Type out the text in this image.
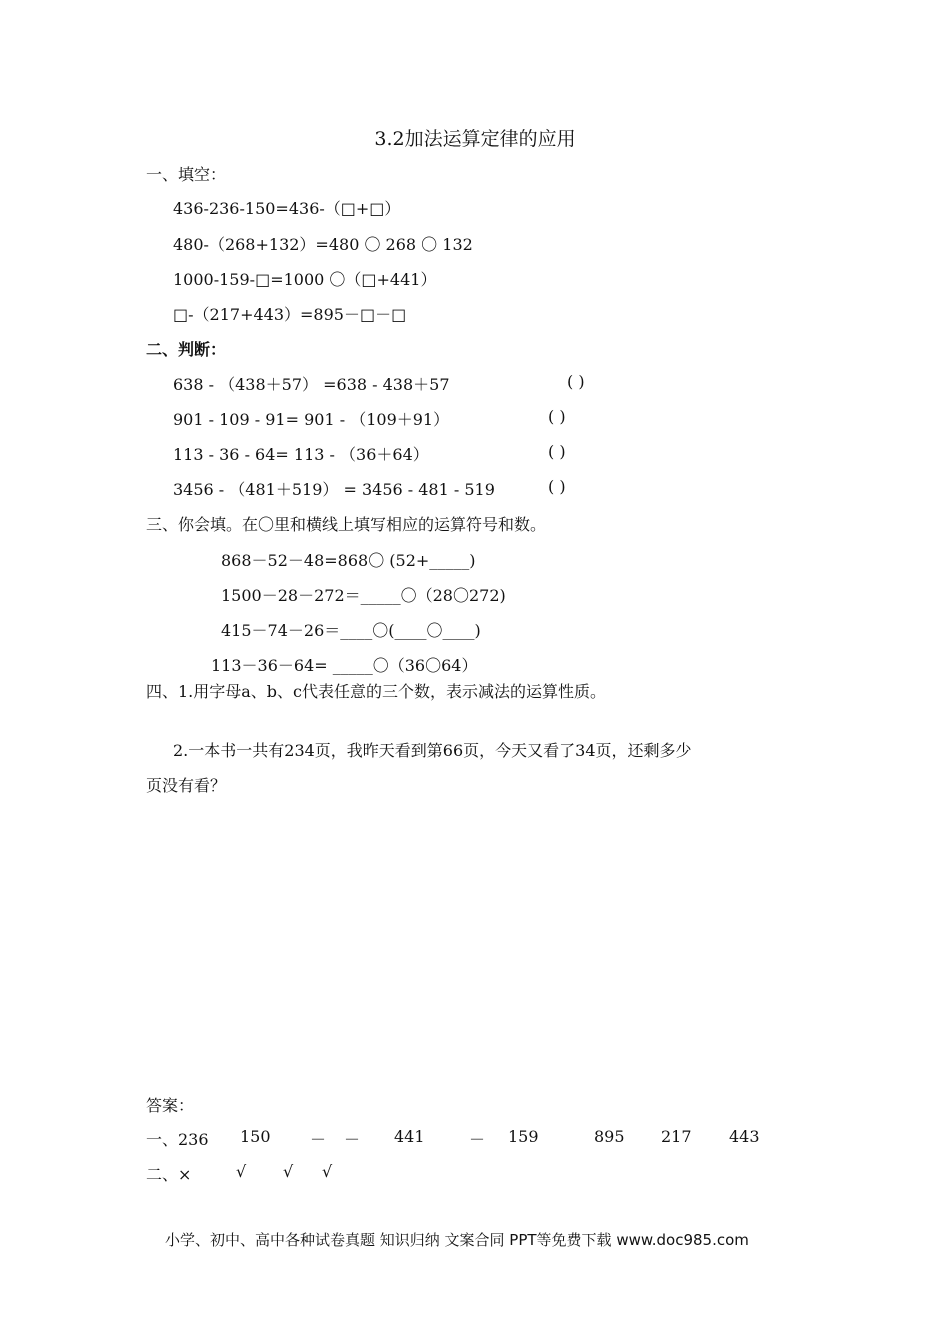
3.2加法运算定律的应用
一、填空：
436-236-150=436-（□+□）
480-（268+132）=480 〇 268 〇 132
1000-159-□=1000 〇（□+441）
□-（217+443）=895－□－□
二、判断：
638 - （438＋57） =638 - 438＋57	( )
901 - 109 - 91= 901 - （109＋91）	( )
113 - 36 - 64= 113 - （36＋64）	( )
3456 - （481＋519） = 3456 - 481 - 519	( )
三、你会填。在〇里和横线上填写相应的运算符号和数。
868－52－48=868〇 (52+_____)
1500－28－272＝_____〇（28〇272)
415－74－26＝____〇(____〇____)
113－36－64= _____〇（36〇64）
四、1.用字母a、b、c代表任意的三个数，表示减法的运算性质。
2.一本书一共有234页，我昨天看到第66页，今天又看了34页，还剩多少
页没有看？
答案：
一、236 150 － － 441	－ 159	895 217 443
二、×	√ √ √
小学、初中、高中各种试卷真题 知识归纳 文案合同 PPT等免费下载 www.doc985.com
